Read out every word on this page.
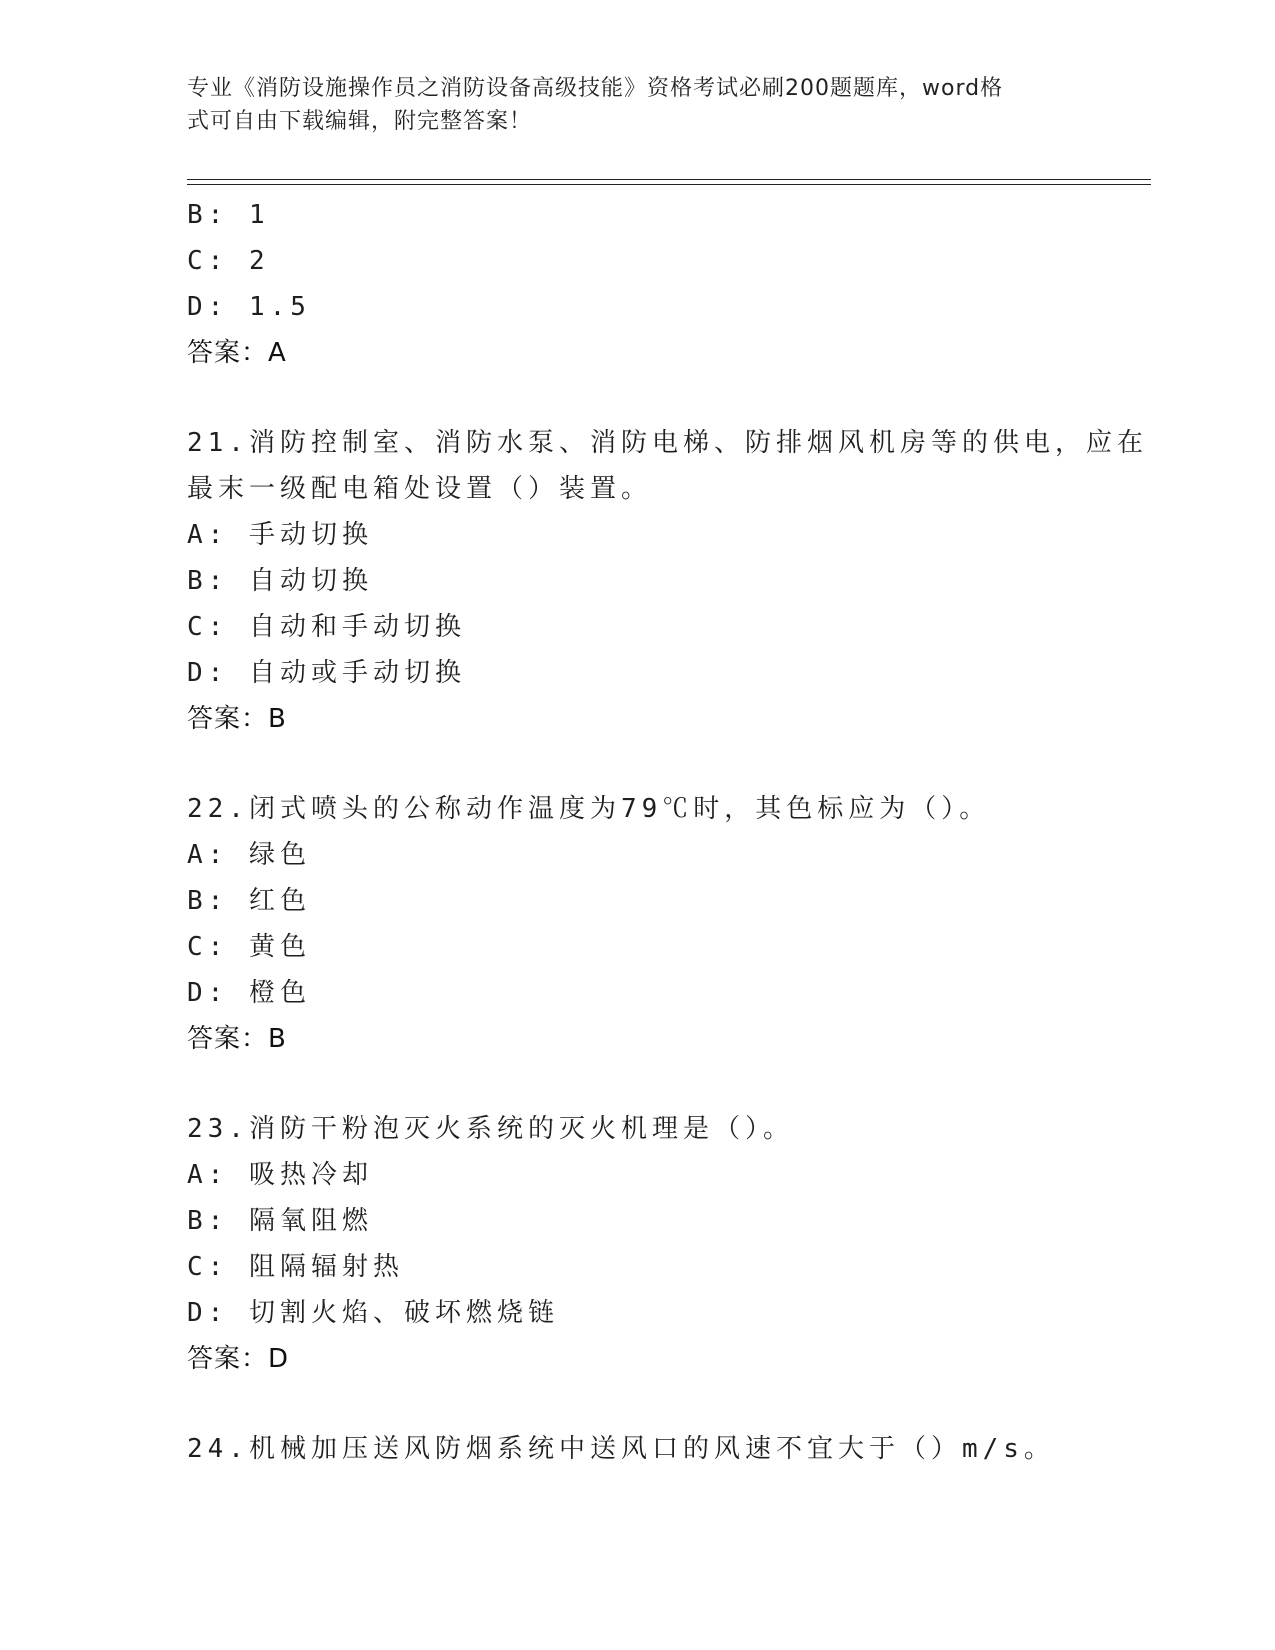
专业《消防设施操作员之消防设备高级技能》资格考试必刷200题题库，word格
式可自由下载编辑，附完整答案！
B: 1
C: 2
D: 1.5
答案：A
21.消防控制室、消防水泵、消防电梯、防排烟风机房等的供电，应在
最末一级配电箱处设置（）装置。
A: 手动切换
B: 自动切换
C: 自动和手动切换
D: 自动或手动切换
答案：B
22.闭式喷头的公称动作温度为79℃时，其色标应为（）。
A: 绿色
B: 红色
C: 黄色
D: 橙色
答案：B
23.消防干粉泡灭火系统的灭火机理是（）。
A: 吸热冷却
B: 隔氧阻燃
C: 阻隔辐射热
D: 切割火焰、破坏燃烧链
答案：D
24.机械加压送风防烟系统中送风口的风速不宜大于（）m/s。
